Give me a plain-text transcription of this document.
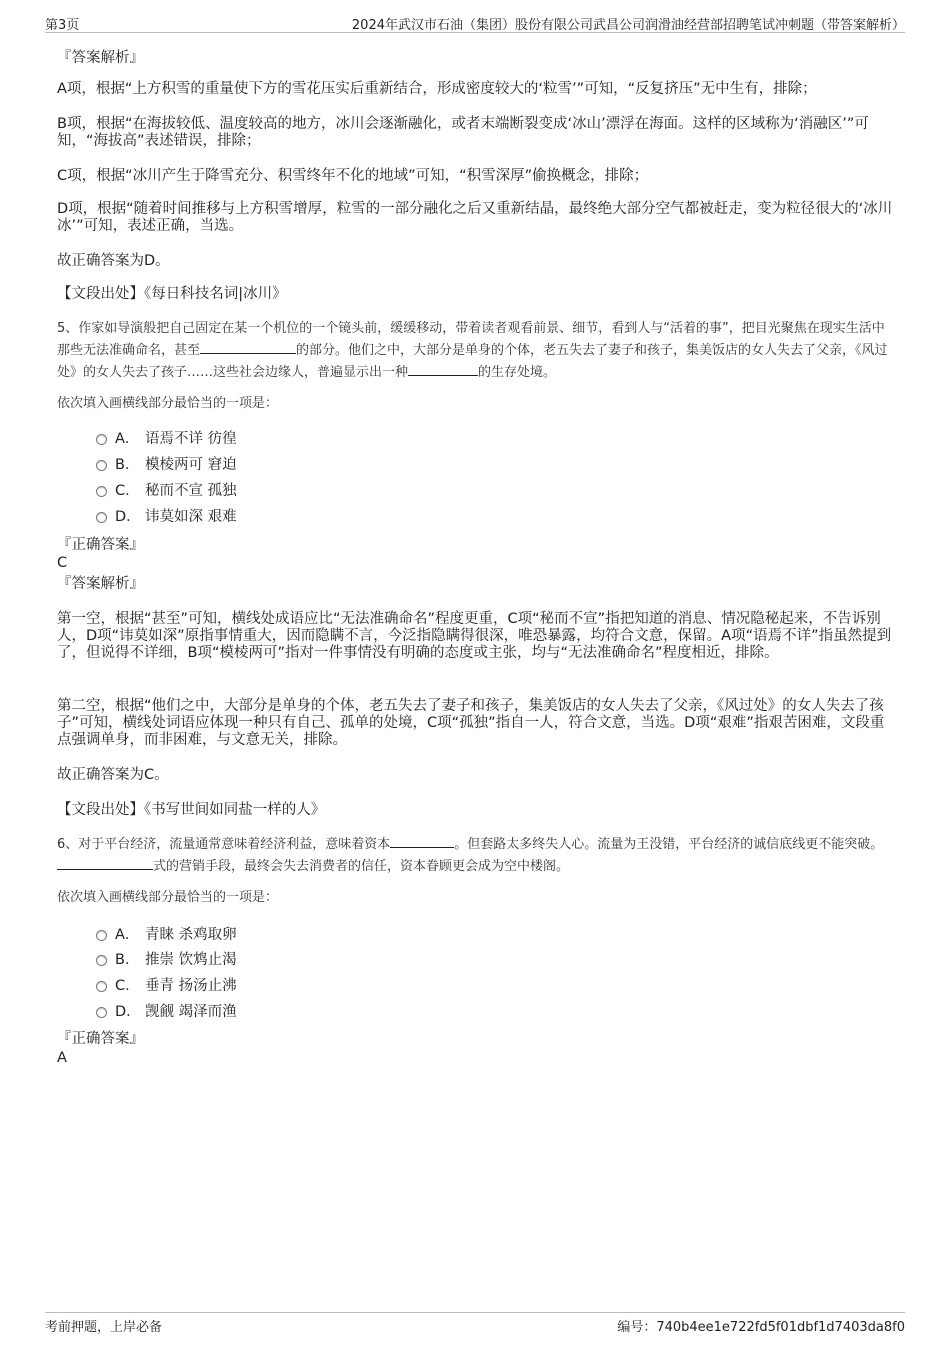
第3页	2024年武汉市石油（集团）股份有限公司武昌公司润滑油经营部招聘笔试冲刺题（带答案解析）
『答案解析』
A项，根据“上方积雪的重量使下方的雪花压实后重新结合，形成密度较大的‘粒雪’”可知，“反复挤压”无中生有，排除；
B项，根据“在海拔较低、温度较高的地方，冰川会逐渐融化，或者末端断裂变成‘冰山’漂浮在海面。这样的区域称为‘消融区’”可知，“海拔高”表述错误，排除；
C项，根据“冰川产生于降雪充分、积雪终年不化的地域”可知，“积雪深厚”偷换概念，排除；
D项，根据“随着时间推移与上方积雪增厚，粒雪的一部分融化之后又重新结晶，最终绝大部分空气都被赶走，变为粒径很大的‘冰川冰’”可知，表述正确，当选。
故正确答案为D。
【文段出处】《每日科技名词|冰川》
5、作家如导演般把自己固定在某一个机位的一个镜头前，缓缓移动，带着读者观看前景、细节，看到人与“活着的事”，把目光聚焦在现实生活中那些无法准确命名，甚至	的部分。他们之中，大部分是单身的个体，老五失去了妻子和孩子，集美饭店的女人失去了父亲，《风过处》的女人失去了孩子……这些社会边缘人，普遍显示出一种	的生存处境。
依次填入画横线部分最恰当的一项是：
A． 语焉不详 彷徨
B． 模棱两可 窘迫
C． 秘而不宣 孤独
D． 讳莫如深 艰难
『正确答案』
C
『答案解析』
第一空，根据“甚至”可知，横线处成语应比“无法准确命名”程度更重，C项“秘而不宣”指把知道的消息、情况隐秘起来，不告诉别人，D项“讳莫如深”原指事情重大，因而隐瞒不言，今泛指隐瞒得很深，唯恐暴露，均符合文意，保留。A项“语焉不详”指虽然提到了，但说得不详细，B项“模棱两可”指对一件事情没有明确的态度或主张，均与“无法准确命名”程度相近，排除。
第二空，根据“他们之中，大部分是单身的个体，老五失去了妻子和孩子，集美饭店的女人失去了父亲，《风过处》的女人失去了孩子”可知，横线处词语应体现一种只有自己、孤单的处境，C项“孤独”指自一人，符合文意，当选。D项“艰难”指艰苦困难，文段重点强调单身，而非困难，与文意无关，排除。
故正确答案为C。
【文段出处】《书写世间如同盐一样的人》
6、对于平台经济，流量通常意味着经济利益，意味着资本	。但套路太多终失人心。流量为王没错，平台经济的诚信底线更不能突破。式的营销手段，最终会失去消费者的信任，资本眷顾更会成为空中楼阁。
依次填入画横线部分最恰当的一项是：
A． 青睐 杀鸡取卵
B． 推崇 饮鸩止渴
C． 垂青 扬汤止沸
D． 觊觎 竭泽而渔
『正确答案』
A
考前押题，上岸必备	编号：740b4ee1e722fd5f01dbf1d7403da8f0
